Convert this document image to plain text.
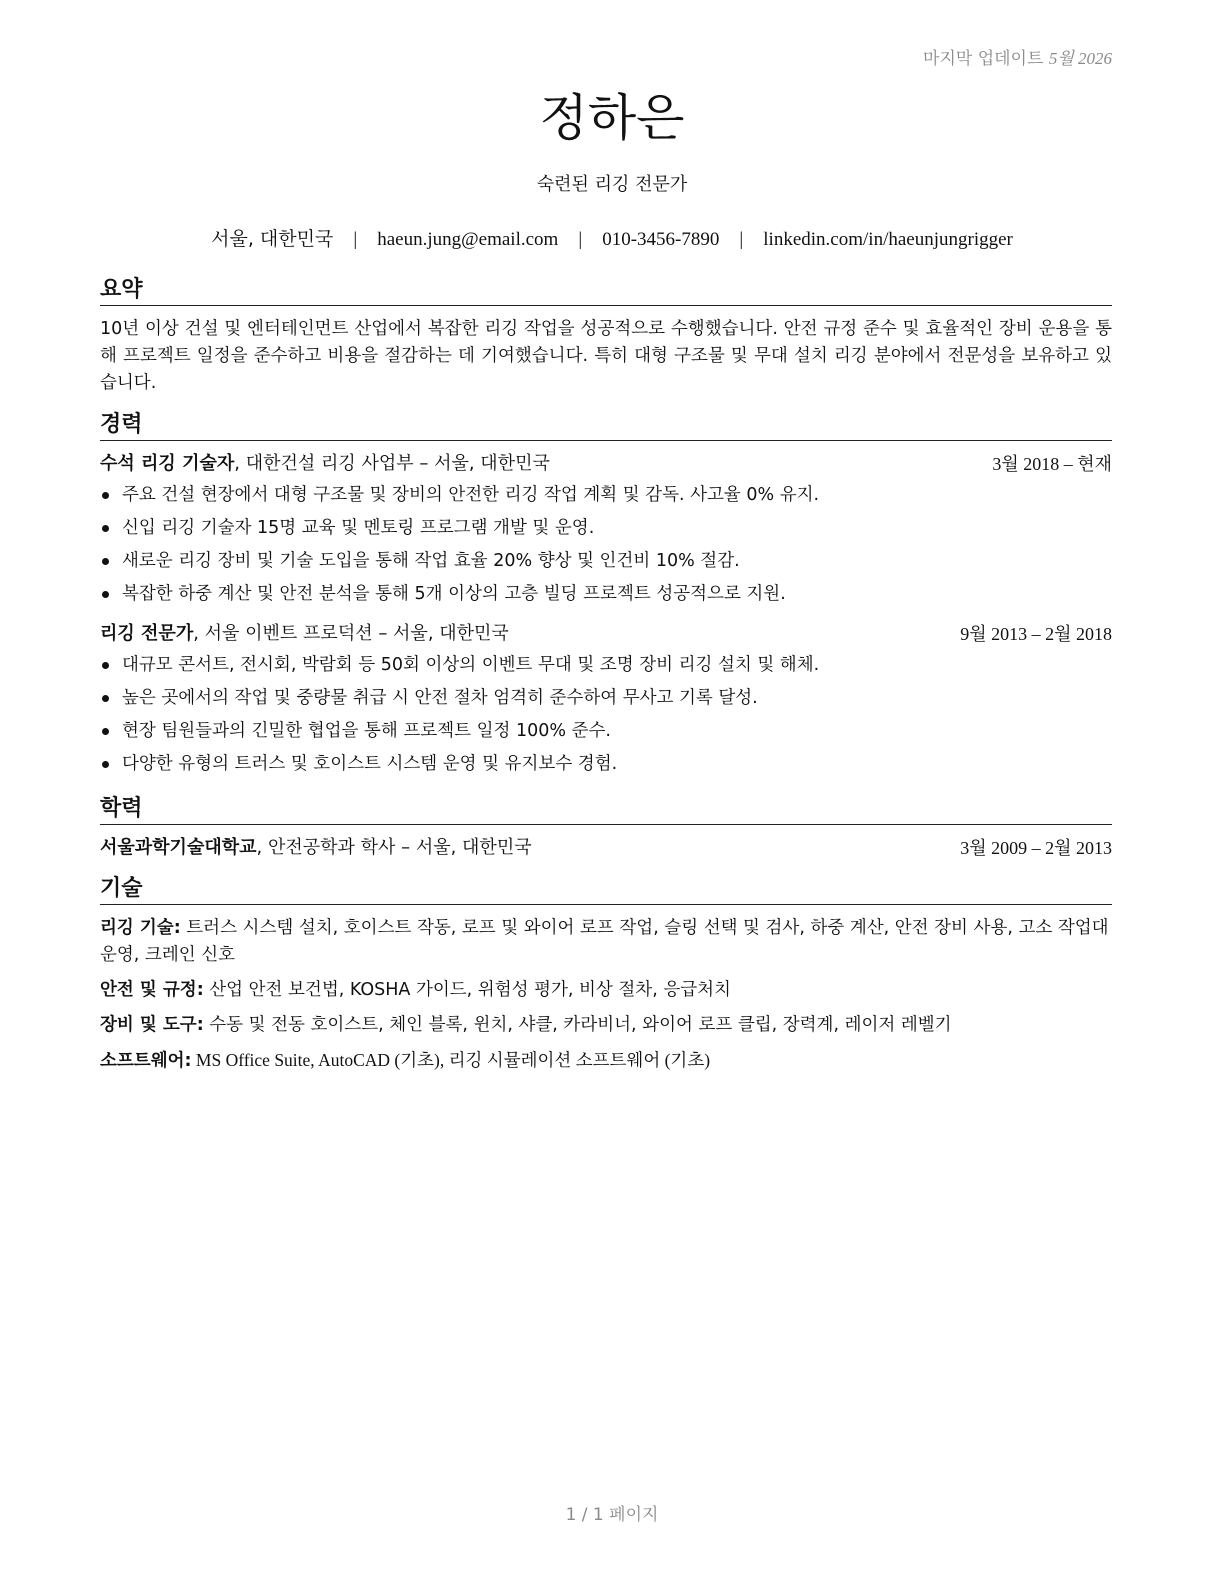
마지막 업데이트 5월 2026
정하은
숙련된 리깅 전문가
서울, 대한민국 | haeun.jung@email.com | 010-3456-7890 | linkedin.com/in/haeunjungrigger
요약

10년 이상 건설 및 엔터테인먼트 산업에서 복잡한 리깅 작업을 성공적으로 수행했습니다. 안전 규정 준수 및 효율적인 장비 운용을 통해 프로젝트 일정을 준수하고 비용을 절감하는 데 기여했습니다. 특히 대형 구조물 및 무대 설치 리깅 분야에서 전문성을 보유하고 있습니다.

경력
수석 리깅 기술자, 대한건설 리깅 사업부 – 서울, 대한민국	3월 2018 – 현재
주요 건설 현장에서 대형 구조물 및 장비의 안전한 리깅 작업 계획 및 감독. 사고율 0% 유지.
신입 리깅 기술자 15명 교육 및 멘토링 프로그램 개발 및 운영.
새로운 리깅 장비 및 기술 도입을 통해 작업 효율 20% 향상 및 인건비 10% 절감.
복잡한 하중 계산 및 안전 분석을 통해 5개 이상의 고층 빌딩 프로젝트 성공적으로 지원.
리깅 전문가, 서울 이벤트 프로덕션 – 서울, 대한민국	9월 2013 – 2월 2018
대규모 콘서트, 전시회, 박람회 등 50회 이상의 이벤트 무대 및 조명 장비 리깅 설치 및 해체.
높은 곳에서의 작업 및 중량물 취급 시 안전 절차 엄격히 준수하여 무사고 기록 달성.
현장 팀원들과의 긴밀한 협업을 통해 프로젝트 일정 100% 준수.
다양한 유형의 트러스 및 호이스트 시스템 운영 및 유지보수 경험.
학력
서울과학기술대학교, 안전공학과 학사 – 서울, 대한민국	3월 2009 – 2월 2013
기술

리깅 기술: 트러스 시스템 설치, 호이스트 작동, 로프 및 와이어 로프 작업, 슬링 선택 및 검사, 하중 계산, 안전 장비 사용, 고소 작업대 운영, 크레인 신호

안전 및 규정: 산업 안전 보건법, KOSHA 가이드, 위험성 평가, 비상 절차, 응급처치

장비 및 도구: 수동 및 전동 호이스트, 체인 블록, 윈치, 샤클, 카라비너, 와이어 로프 클립, 장력계, 레이저 레벨기

소프트웨어: MS Office Suite, AutoCAD (기초), 리깅 시뮬레이션 소프트웨어 (기초)

1 / 1 페이지
